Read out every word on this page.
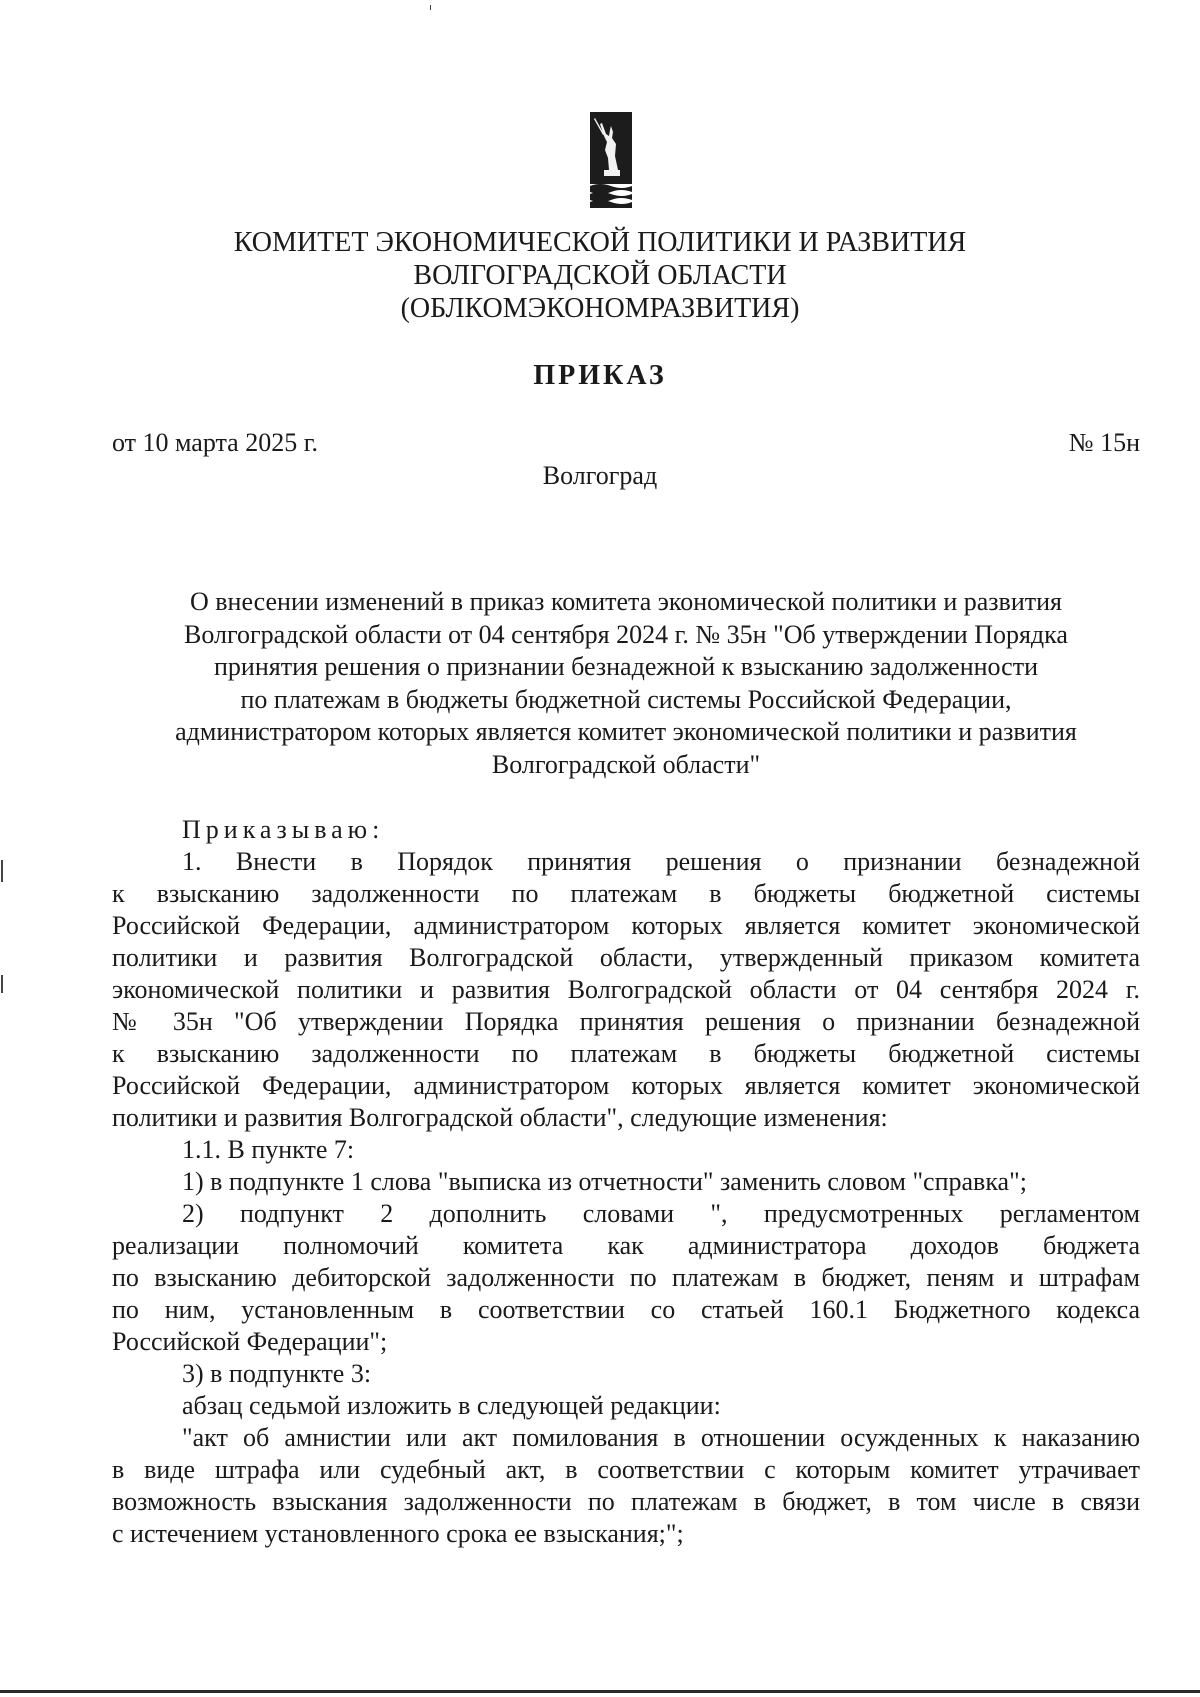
КОМИТЕТ ЭКОНОМИЧЕСКОЙ ПОЛИТИКИ И РАЗВИТИЯ
ВОЛГОГРАДСКОЙ ОБЛАСТИ
(ОБЛКОМЭКОНОМРАЗВИТИЯ)
ПРИКАЗ
от 10 марта 2025 г.	№ 15н
Волгоград
О внесении изменений в приказ комитета экономической политики и развития
Волгоградской области от 04 сентября 2024 г. № 35н "Об утверждении Порядка
принятия решения о признании безнадежной к взысканию задолженности
по платежам в бюджеты бюджетной системы Российской Федерации,
администратором которых является комитет экономической политики и развития
Волгоградской области"
Приказываю:
1. Внести в Порядок принятия решения о признании безнадежной
к взысканию задолженности по платежам в бюджеты бюджетной системы
Российской Федерации, администратором которых является комитет экономической
политики и развития Волгоградской области, утвержденный приказом комитета
экономической политики и развития Волгоградской области от 04 сентября 2024 г.
№ 35н "Об утверждении Порядка принятия решения о признании безнадежной
к взысканию задолженности по платежам в бюджеты бюджетной системы
Российской Федерации, администратором которых является комитет экономической
политики и развития Волгоградской области", следующие изменения:
1.1. В пункте 7:
1) в подпункте 1 слова "выписка из отчетности" заменить словом "справка";
2) подпункт 2 дополнить словами ", предусмотренных регламентом
реализации полномочий комитета как администратора доходов бюджета
по взысканию дебиторской задолженности по платежам в бюджет, пеням и штрафам
по ним, установленным в соответствии со статьей 160.1 Бюджетного кодекса
Российской Федерации";
3) в подпункте 3:
абзац седьмой изложить в следующей редакции:
"акт об амнистии или акт помилования в отношении осужденных к наказанию
в виде штрафа или судебный акт, в соответствии с которым комитет утрачивает
возможность взыскания задолженности по платежам в бюджет, в том числе в связи
с истечением установленного срока ее взыскания;";
